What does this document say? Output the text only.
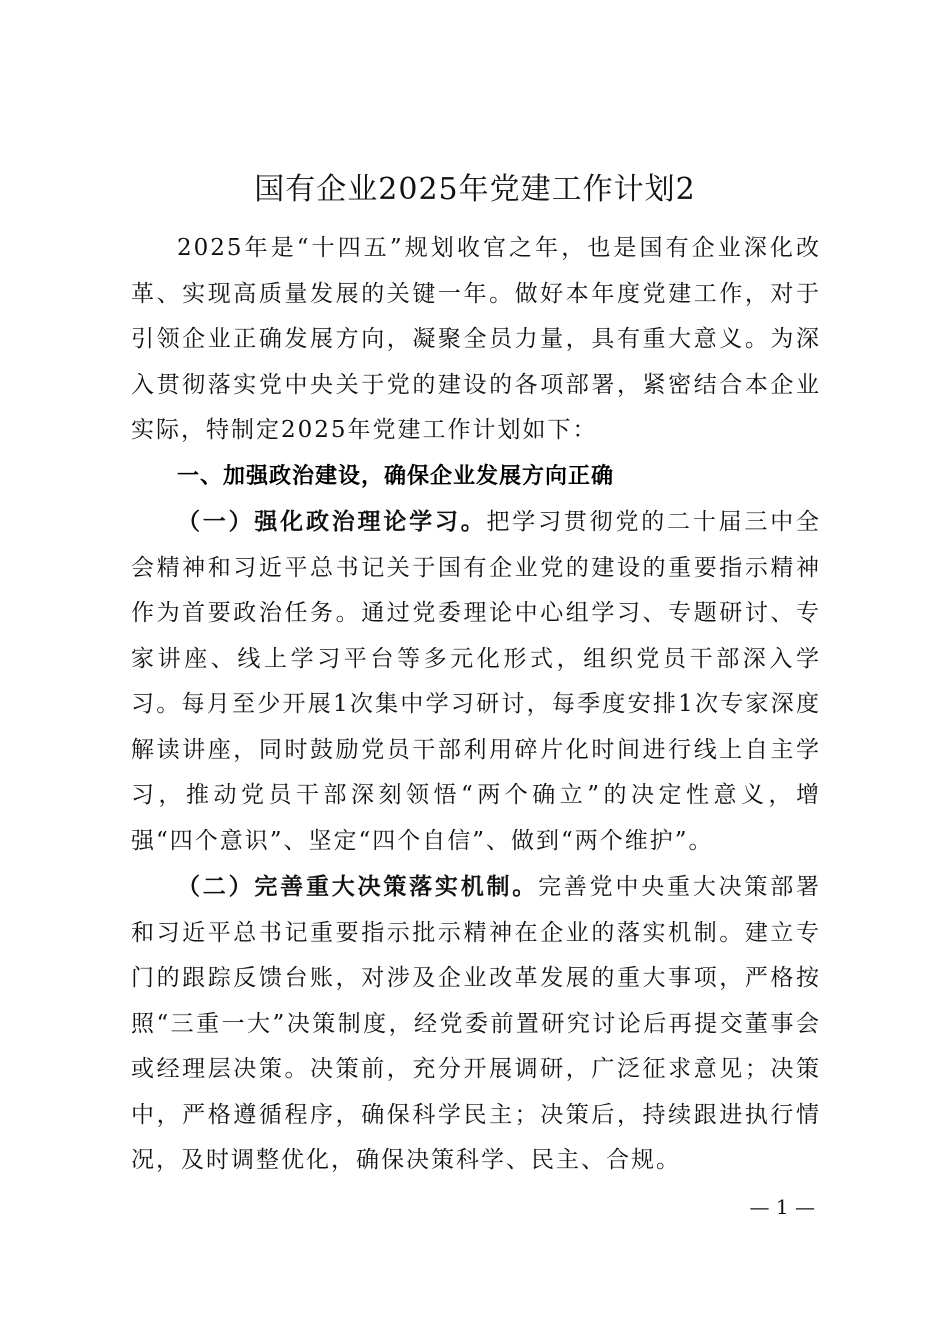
国有企业2025年党建工作计划2

2025年是“十四五”规划收官之年，也是国有企业深化改革、实现高质量发展的关键一年。做好本年度党建工作，对于引领企业正确发展方向，凝聚全员力量，具有重大意义。为深入贯彻落实党中央关于党的建设的各项部署，紧密结合本企业实际，特制定2025年党建工作计划如下：

一、加强政治建设，确保企业发展方向正确

（一）强化政治理论学习。把学习贯彻党的二十届三中全会精神和习近平总书记关于国有企业党的建设的重要指示精神作为首要政治任务。通过党委理论中心组学习、专题研讨、专家讲座、线上学习平台等多元化形式，组织党员干部深入学习。每月至少开展1次集中学习研讨，每季度安排1次专家深度解读讲座，同时鼓励党员干部利用碎片化时间进行线上自主学习，推动党员干部深刻领悟“两个确立”的决定性意义，增强“四个意识”、坚定“四个自信”、做到“两个维护”。

（二）完善重大决策落实机制。完善党中央重大决策部署和习近平总书记重要指示批示精神在企业的落实机制。建立专门的跟踪反馈台账，对涉及企业改革发展的重大事项，严格按照“三重一大”决策制度，经党委前置研究讨论后再提交董事会或经理层决策。决策前，充分开展调研，广泛征求意见；决策中，严格遵循程序，确保科学民主；决策后，持续跟进执行情况，及时调整优化，确保决策科学、民主、合规。

— 1 —
